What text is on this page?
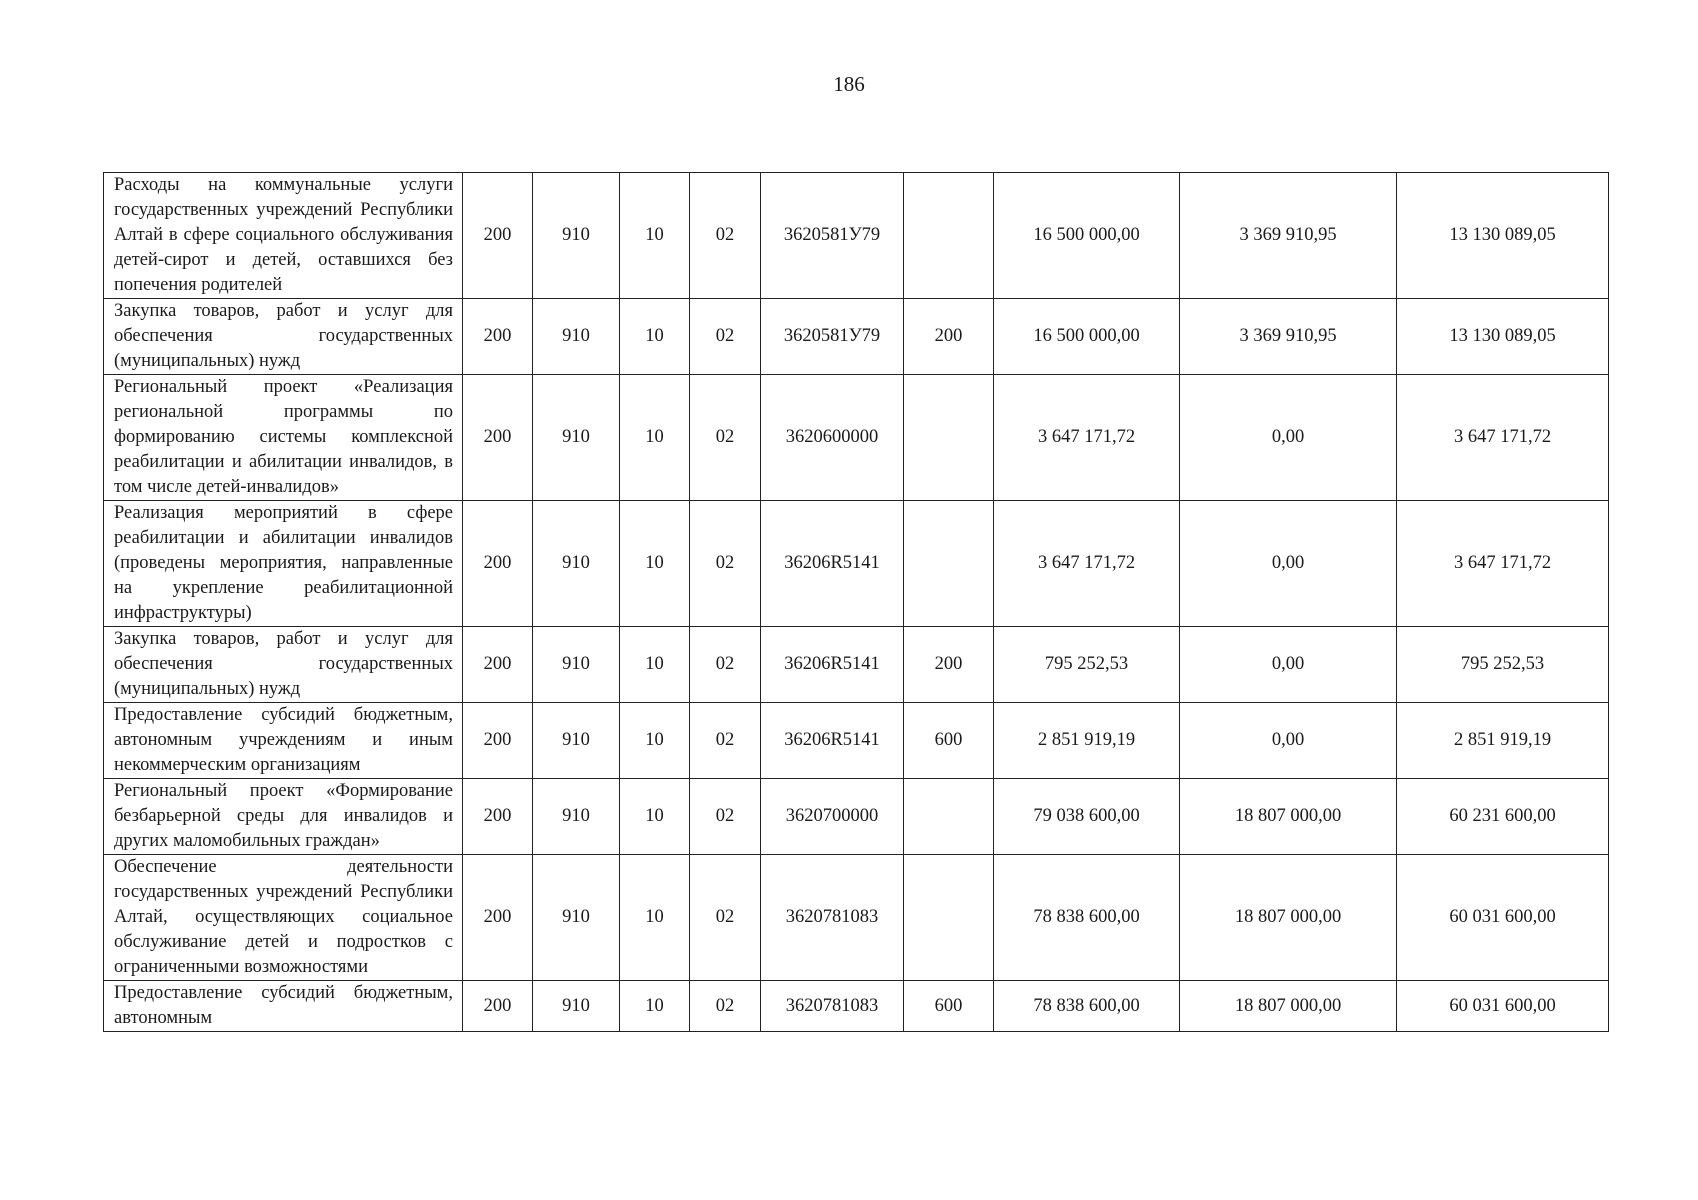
186
Расходы на коммунальные услуги государственных учреждений Республики Алтай в сфере социального обслуживания детей-сирот и детей, оставшихся без попечения родителей	200	910	10	02	3620581У79		16 500 000,00	3 369 910,95	13 130 089,05
Закупка товаров, работ и услуг для обеспечения государственных (муниципальных) нужд	200	910	10	02	3620581У79	200	16 500 000,00	3 369 910,95	13 130 089,05
Региональный проект «Реализация региональной программы по формированию системы комплексной реабилитации и абилитации инвалидов, в том числе детей-инвалидов»	200	910	10	02	3620600000		3 647 171,72	0,00	3 647 171,72
Реализация мероприятий в сфере реабилитации и абилитации инвалидов (проведены мероприятия, направленные на укрепление реабилитационной инфраструктуры)	200	910	10	02	36206R5141		3 647 171,72	0,00	3 647 171,72
Закупка товаров, работ и услуг для обеспечения государственных (муниципальных) нужд	200	910	10	02	36206R5141	200	795 252,53	0,00	795 252,53
Предоставление субсидий бюджетным, автономным учреждениям и иным некоммерческим организациям	200	910	10	02	36206R5141	600	2 851 919,19	0,00	2 851 919,19
Региональный проект «Формирование безбарьерной среды для инвалидов и других маломобильных граждан»	200	910	10	02	3620700000		79 038 600,00	18 807 000,00	60 231 600,00
Обеспечение деятельности государственных учреждений Республики Алтай, осуществляющих социальное обслуживание детей и подростков с ограниченными возможностями	200	910	10	02	3620781083		78 838 600,00	18 807 000,00	60 031 600,00
Предоставление субсидий бюджетным, автономным	200	910	10	02	3620781083	600	78 838 600,00	18 807 000,00	60 031 600,00
